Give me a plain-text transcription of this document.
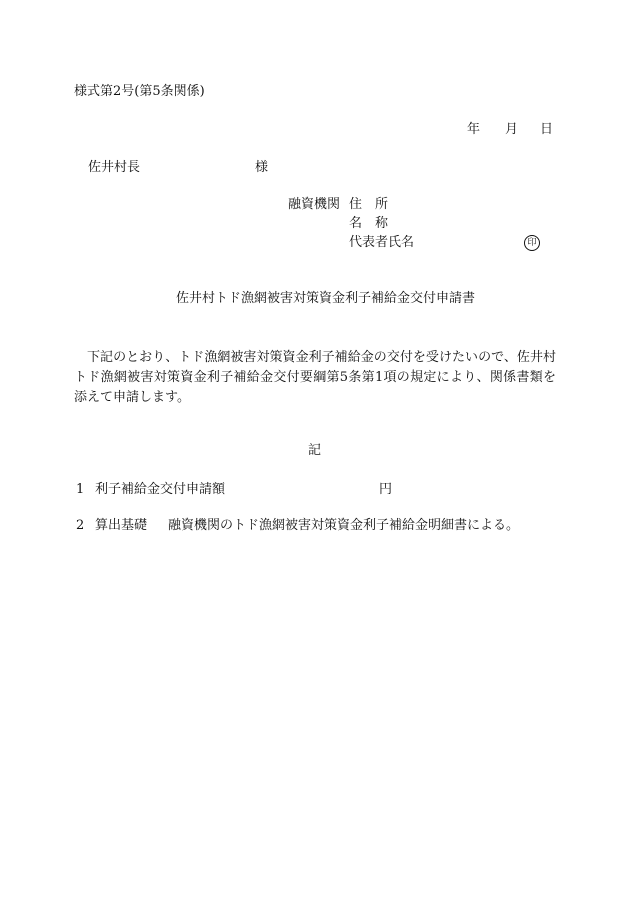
様式第2号(第5条関係)
年 月 日
佐井村長	様
融資機関 住　所
名　称
代表者氏名	印
佐井村トド漁網被害対策資金利子補給金交付申請書
下記のとおり、トド漁網被害対策資金利子補給金の交付を受けたいので、佐井村トド漁網被害対策資金利子補給金交付要綱第5条第1項の規定により、関係書類を添えて申請します。
記
1 利子補給金交付申請額	円
2 算出基礎 融資機関のトド漁網被害対策資金利子補給金明細書による。
